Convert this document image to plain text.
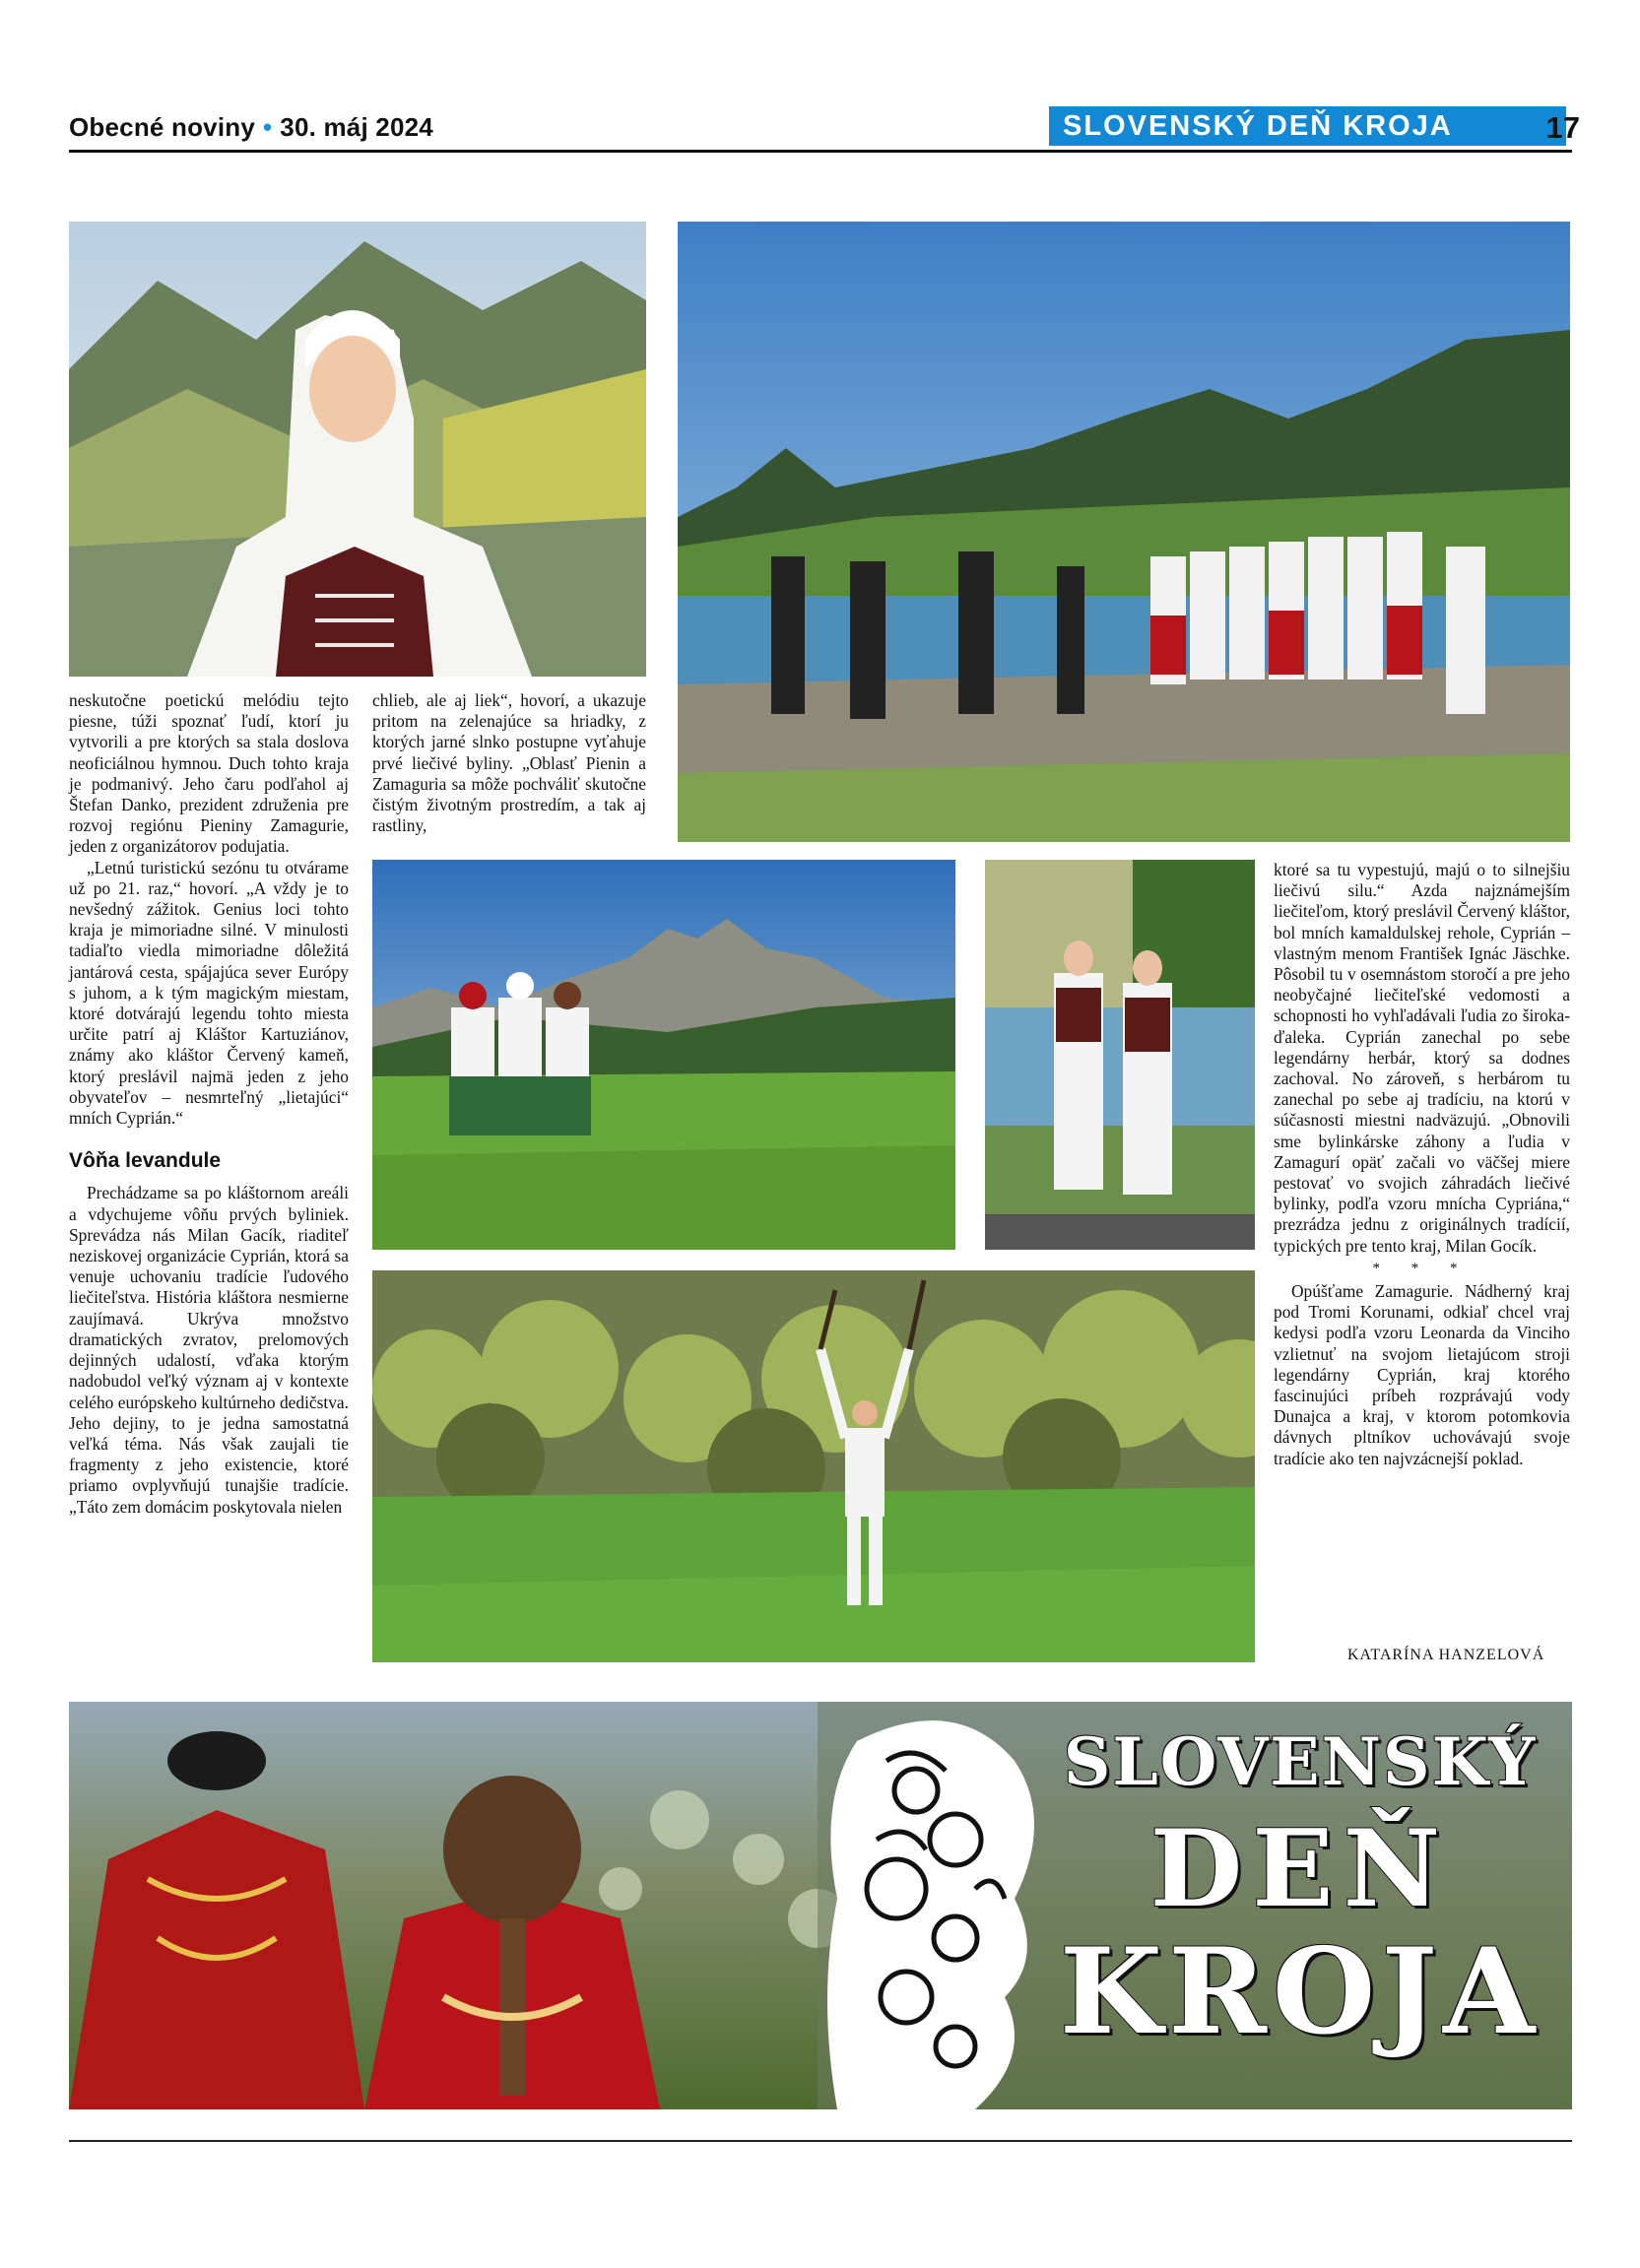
Obecné noviny • 30. máj 2024	SLOVENSKÝ DEŇ KROJA	17

neskutočne poetickú melódiu tejto piesne, túži spoznať ľudí, ktorí ju vytvorili a pre ktorých sa stala doslova neoficiálnou hymnou. Duch tohto kraja je podmanivý. Jeho čaru podľahol aj Štefan Danko, prezident združenia pre rozvoj regiónu Pieniny Zamagurie, jeden z organizátorov podujatia.

„Letnú turistickú sezónu tu otvárame už po 21. raz,“ hovorí. „A vždy je to nevšedný zážitok. Genius loci tohto kraja je mimoriadne silné. V minulosti tadiaľto viedla mimoriadne dôležitá jantárová cesta, spájajúca sever Európy s juhom, a k tým magickým miestam, ktoré dotvárajú legendu tohto miesta určite patrí aj Kláštor Kartuziánov, známy ako kláštor Červený kameň, ktorý preslávil najmä jeden z jeho obyvateľov – nesmrteľný „lietajúci“ mních Cyprián.“

Vôňa levandule

Prechádzame sa po kláštornom areáli a vdychujeme vôňu prvých byliniek. Sprevádza nás Milan Gacík, riaditeľ neziskovej organizácie Cyprián, ktorá sa venuje uchovaniu tradície ľudového liečiteľstva. História kláštora nesmierne zaujímavá. Ukrýva množstvo dramatických zvratov, prelomových dejinných udalostí, vďaka ktorým nadobudol veľký význam aj v kontexte celého európskeho kultúrneho dedičstva. Jeho dejiny, to je jedna samostatná veľká téma. Nás však zaujali tie fragmenty z jeho existencie, ktoré priamo ovplyvňujú tunajšie tradície. „Táto zem domácim poskytovala nielen

chlieb, ale aj liek“, hovorí, a ukazuje pritom na zelenajúce sa hriadky, z ktorých jarné slnko postupne vyťahuje prvé liečivé byliny. „Oblasť Pienin a Zamaguria sa môže pochváliť skutočne čistým životným prostredím, a tak aj rastliny,

ktoré sa tu vypestujú, majú o to silnejšiu liečivú silu.“ Azda najznámejším liečiteľom, ktorý preslávil Červený kláštor, bol mních kamaldulskej rehole, Cyprián – vlastným menom František Ignác Jäschke. Pôsobil tu v osemnástom storočí a pre jeho neobyčajné liečiteľské vedomosti a schopnosti ho vyhľadávali ľudia zo široka-ďaleka. Cyprián zanechal po sebe legendárny herbár, ktorý sa dodnes zachoval. No zároveň, s herbárom tu zanechal po sebe aj tradíciu, na ktorú v súčasnosti miestni nadväzujú. „Obnovili sme bylinkárske záhony a ľudia v Zamagurí opäť začali vo väčšej miere pestovať vo svojich záhradách liečivé bylinky, podľa vzoru mnícha Cypriána,“ prezrádza jednu z originálnych tradícií, typických pre tento kraj, Milan Gocík.

* * *

Opúšťame Zamagurie. Nádherný kraj pod Tromi Korunami, odkiaľ chcel vraj kedysi podľa vzoru Leonarda da Vinciho vzlietnuť na svojom lietajúcom stroji legendárny Cyprián, kraj ktorého fascinujúci príbeh rozprávajú vody Dunajca a kraj, v ktorom potomkovia dávnych pltníkov uchovávajú svoje tradície ako ten najvzácnejší poklad.

KATARÍNA HANZELOVÁ
SLOVENSKÝ
DEŇ
KROJA
